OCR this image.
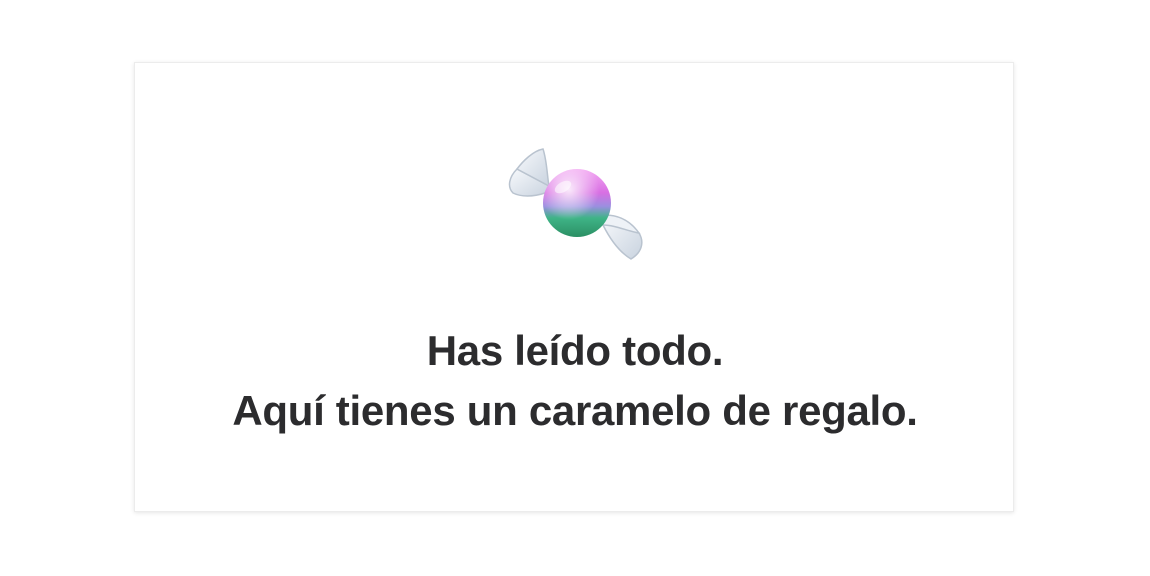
Has leído todo.
Aquí tienes un caramelo de regalo.
